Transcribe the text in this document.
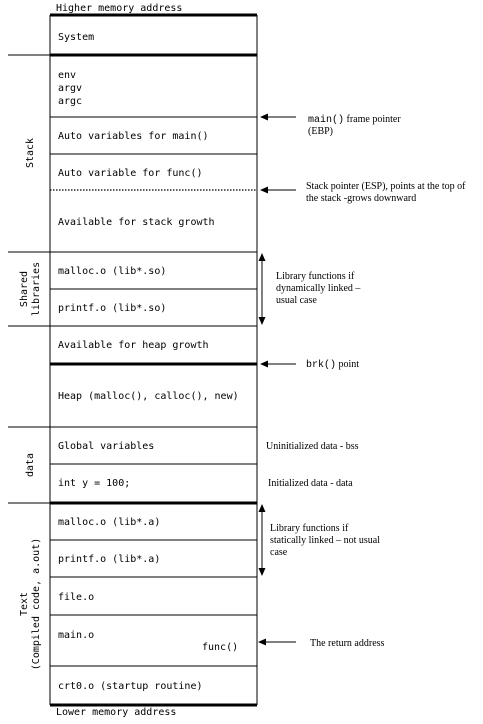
Higher memory address
Lower memory address
System
env
argv
argc
Auto variables for main()
Auto variable for func()
Available for stack growth
malloc.o (lib*.so)
printf.o (lib*.so)
Available for heap growth
Heap (malloc(), calloc(), new)
Global variables
int y = 100;
malloc.o (lib*.a)
printf.o (lib*.a)
file.o
main.o
func()
crt0.o (startup routine)
Stack
Shared libraries
data
Text (Compiled code, a.out)
main() frame pointer
(EBP)
Stack pointer (ESP), points at the top of
the stack -grows downward
Library functions if
dynamically linked –
usual case
brk() point
Uninitialized data - bss
Initialized data - data
Library functions if
statically linked – not usual
case
The return address
